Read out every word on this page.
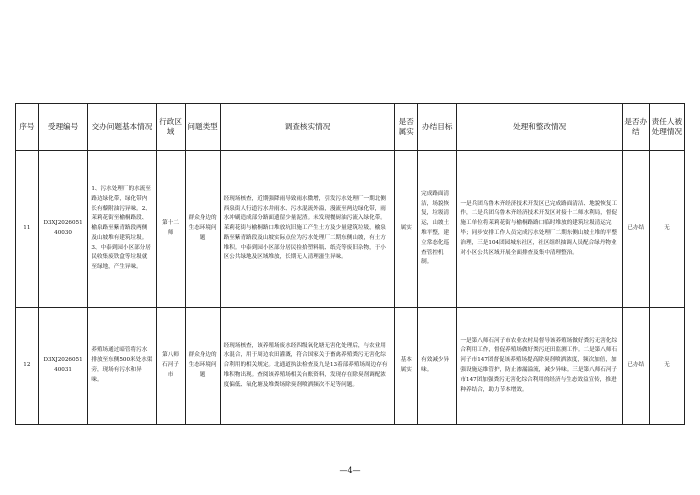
序号	受理编号	交办问题基本情况	行政区域	问题类型	调查核实情况	是否属实	办结目标	处理和整改情况	是否办结	责任人被处理情况
11	D3XJ202605140030	1、污水处理厂的水流至路边绿化带，绿化带内长有藜附油污异味。2、茉莉花街至榆桐路段、榆泉路至紫青路段两侧及山坡堆有建筑垃圾。3、中泰到园小区部分居民收集废铁盒等垃圾就至绿地，产生异味。	第十二师	群众身边的生态环境问题	经现场核查，近期强降雨导致雨水微增，引发污水处理厂一期北侧西泉街人行道污水井雨水、污水混流外溢，漫流至两边绿化带，雨水冲刷造成部分路面遗留少量泥渣。未发现餐厨油污流入绿化带。茉莉花街与榆桐路口堆放坑旧施工产生土方及少量建筑垃圾，榆泉路至紫青路段及山坡实际点位为污水处理厂二期东侧山坡，有土方堆积。中泰到园小区部分居民捡拾塑料瓶、纸壳等废旧杂物，于小区公共绿地及区域堆放，长期无人清理滋生异味。	属实	完成路面清洁，场貌恢复，垃圾清运，山坡土堆平整，建立常态化巡查管控机制。	一是兵团乌鲁木齐经济技术开发区已完成路面清洁、地貌恢复工作，二是兵团乌鲁木齐经济技术开发区对接十二师水利局，督促施工单位将茉莉花街与榆桐路路口临时堆放的建筑垃圾清运完毕；同步安排工作人员完成污水处理厂二期东侧山坡土堆的平整治理，三是104团园城东社区，社区组织抽调人员配合绿丹物业对小区公共区域开展全面排查及集中清理整治。	已办结	无
12	D3XJ202605140031	养殖场通过暗管将污水排放至东侧500米处水渠旁，现场有污水和异味。	第八师石河子市	群众身边的生态环境问题	经现场核查，该养殖场废水经四级氧化塘无害化处理后，与农业用水混合，用于周边农田灌溉，符合国家关于畜禽养殖粪污无害化综合利用的相关规定。北通道执法检查及九是13着部养殖场周边存有堆积物出现。查阅该养殖场相关台账资料，发现存在除臭剂调配浓度偏低、氧化塘及堆粪场除臭剂喷洒频次不足等问题。	基本属实	有效减少异味。	一是第八师石河子市农业农村局督导该养殖场做好粪污无害化综合利用工作，督促养殖场做好粪污还田监测工作。二是第八师石河子市147团督促该养殖场提高除臭剂喷洒浓度，频次加倍，加强设施运维管护，防止渗漏溢流，减少异味。三是第八师石河子市147团加强粪污无害化综合利用的经济与生态效益宣传，推进种养结合，助力节本增效。	已办结	无
—4—
